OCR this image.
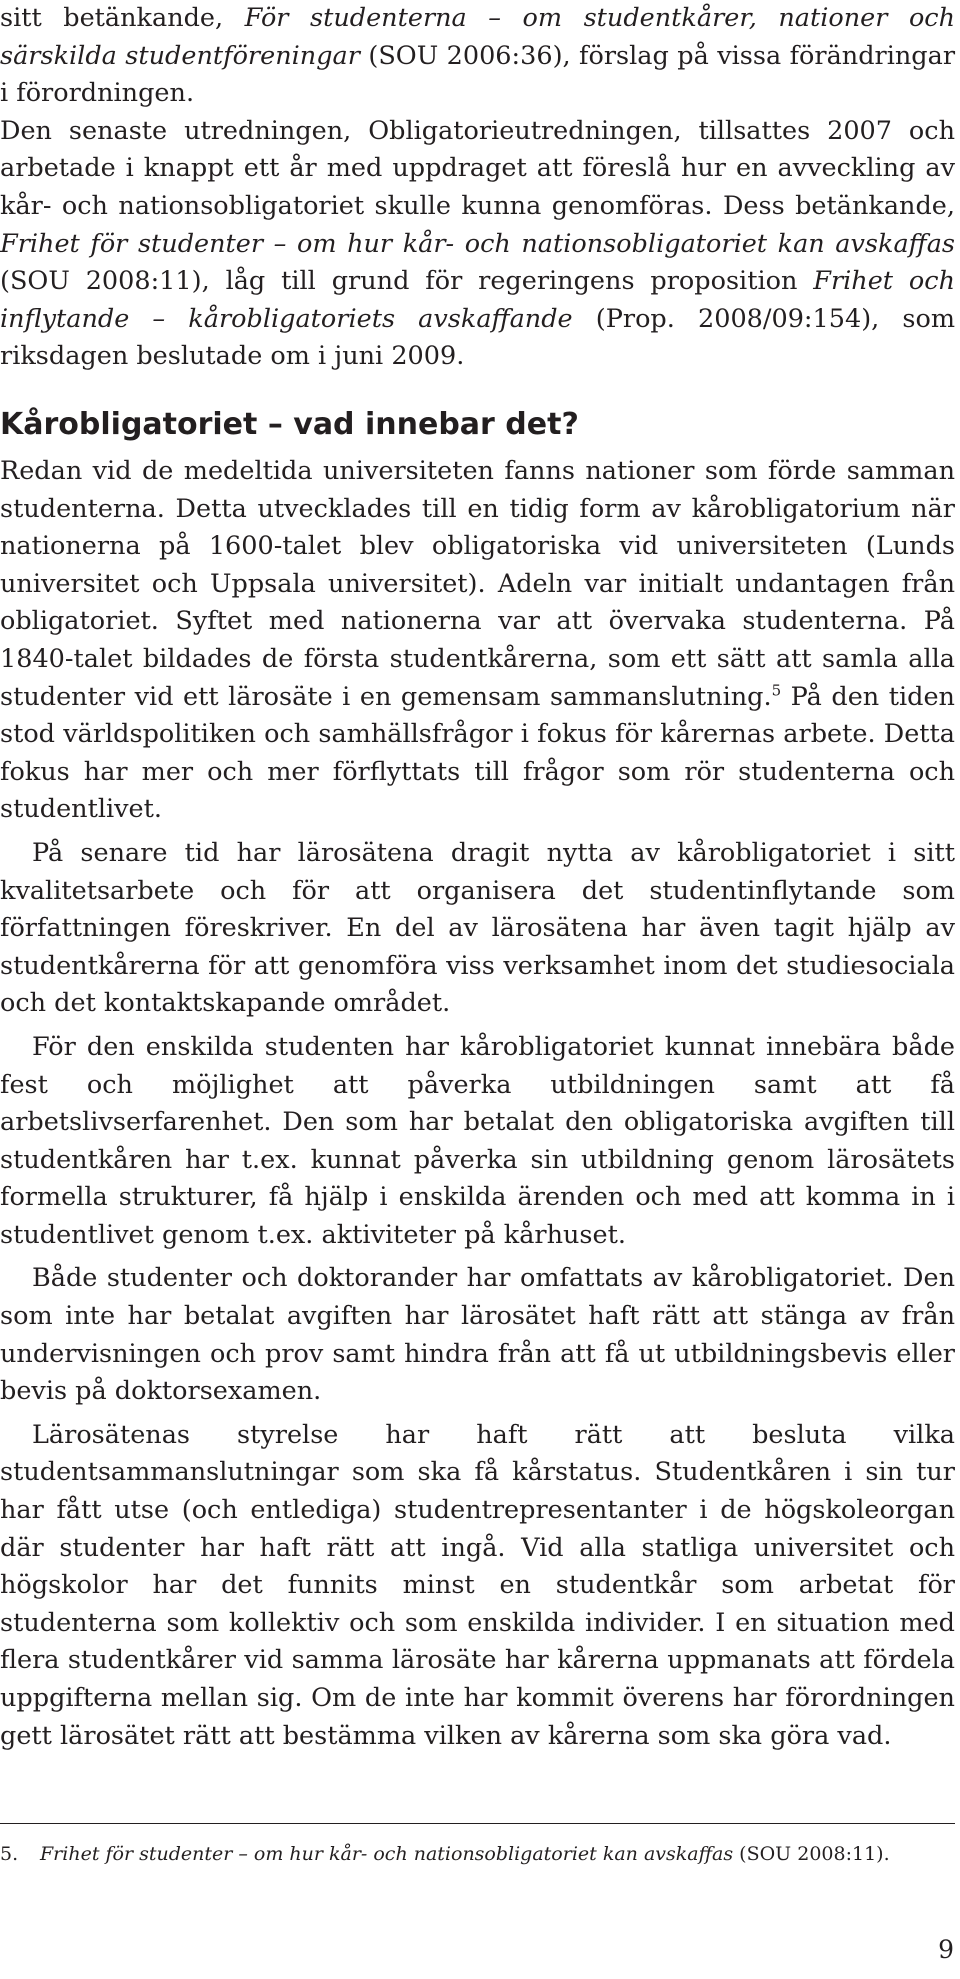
sitt betänkande, För studenterna – om studentkårer, nationer och särskilda studentföreningar (SOU 2006:36), förslag på vissa förändringar i förordningen.

Den senaste utredningen, Obligatorieutredningen, tillsattes 2007 och arbetade i knappt ett år med uppdraget att föreslå hur en avveckling av kår- och nationsobligatoriet skulle kunna genomföras. Dess betänkande, Frihet för studenter – om hur kår- och nationsobligatoriet kan avskaffas (SOU 2008:11), låg till grund för regeringens proposition Frihet och inflytande – kårobligatoriets avskaffande (Prop. 2008/09:154), som riksdagen beslutade om i juni 2009.

Kårobligatoriet – vad innebar det?

Redan vid de medeltida universiteten fanns nationer som förde samman studenterna. Detta utvecklades till en tidig form av kårobligatorium när nationerna på 1600-talet blev obligatoriska vid universiteten (Lunds universitet och Uppsala universitet). Adeln var initialt undantagen från obligatoriet. Syftet med nationerna var att övervaka studenterna. På 1840-talet bildades de första studentkårerna, som ett sätt att samla alla studenter vid ett lärosäte i en gemensam sammanslutning.$^5$ På den tiden stod världspolitiken och samhällsfrågor i fokus för kårernas arbete. Detta fokus har mer och mer förflyttats till frågor som rör studenterna och studentlivet.

På senare tid har lärosätena dragit nytta av kårobligatoriet i sitt kvalitetsarbete och för att organisera det studentinflytande som författningen föreskriver. En del av lärosätena har även tagit hjälp av studentkårerna för att genomföra viss verksamhet inom det studiesociala och det kontaktskapande området.

För den enskilda studenten har kårobligatoriet kunnat innebära både fest och möjlighet att påverka utbildningen samt att få arbetslivserfarenhet. Den som har betalat den obligatoriska avgiften till studentkåren har t.ex. kunnat påverka sin utbildning genom lärosätets formella strukturer, få hjälp i enskilda ärenden och med att komma in i studentlivet genom t.ex. aktiviteter på kårhuset.

Både studenter och doktorander har omfattats av kårobligatoriet. Den som inte har betalat avgiften har lärosätet haft rätt att stänga av från undervisningen och prov samt hindra från att få ut utbildningsbevis eller bevis på doktorsexamen.

Lärosätenas styrelse har haft rätt att besluta vilka studentsammanslutningar som ska få kårstatus. Studentkåren i sin tur har fått utse (och entlediga) studentrepresentanter i de högskoleorgan där studenter har haft rätt att ingå. Vid alla statliga universitet och högskolor har det funnits minst en studentkår som arbetat för studenterna som kollektiv och som enskilda individer. I en situation med flera studentkårer vid samma lärosäte har kårerna uppmanats att fördela uppgifterna mellan sig. Om de inte har kommit överens har förordningen gett lärosätet rätt att bestämma vilken av kårerna som ska göra vad.

5. Frihet för studenter – om hur kår- och nationsobligatoriet kan avskaffas (SOU 2008:11).

9
